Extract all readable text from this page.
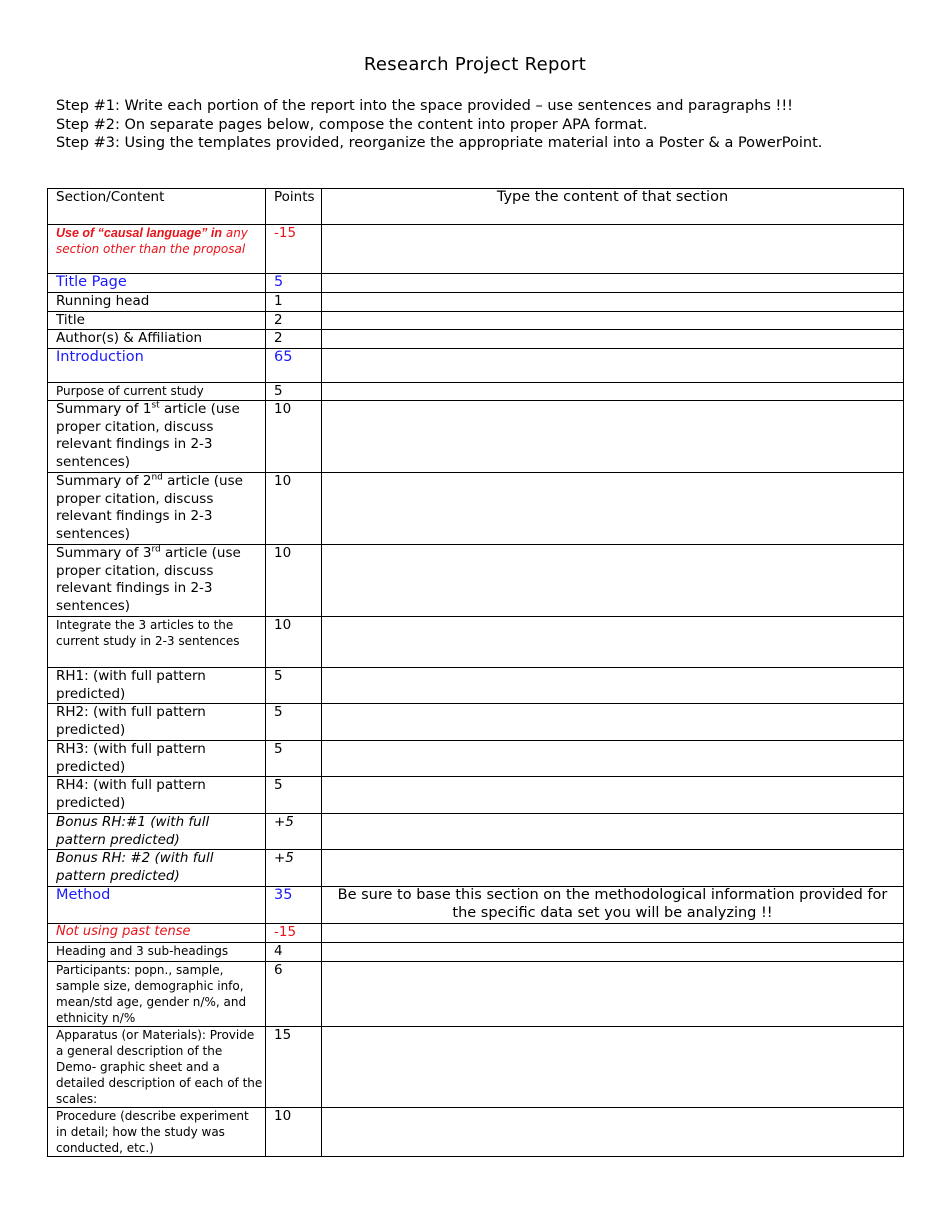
Research Project Report
Step #1: Write each portion of the report into the space provided – use sentences and paragraphs !!!
Step #2: On separate pages below, compose the content into proper APA format.
Step #3: Using the templates provided, reorganize the appropriate material into a Poster & a PowerPoint.
Section/Content	Points	Type the content of that section
Use of “causal language” in any section other than the proposal	-15	
Title Page	5	
Running head	1	
Title	2	
Author(s) & Affiliation	2	
Introduction	65	
Purpose of current study	5	
Summary of 1st article (use proper citation, discuss relevant findings in 2-3 sentences)	10	
Summary of 2nd article (use proper citation, discuss relevant findings in 2-3 sentences)	10	
Summary of 3rd article (use proper citation, discuss relevant findings in 2-3 sentences)	10	
Integrate the 3 articles to the current study in 2-3 sentences	10	
RH1: (with full pattern predicted)	5	
RH2: (with full pattern predicted)	5	
RH3: (with full pattern predicted)	5	
RH4: (with full pattern predicted)	5	
Bonus RH:#1 (with full pattern predicted)	+5	
Bonus RH: #2 (with full pattern predicted)	+5	
Method	35	Be sure to base this section on the methodological information provided for the specific data set you will be analyzing !!
Not using past tense	-15	
Heading and 3 sub-headings	4	
Participants: popn., sample, sample size, demographic info, mean/std age, gender n/%, and ethnicity n/%	6	
Apparatus (or Materials): Provide a general description of the Demo- graphic sheet and a detailed description of each of the scales:	15	
Procedure (describe experiment in detail; how the study was conducted, etc.)	10	
